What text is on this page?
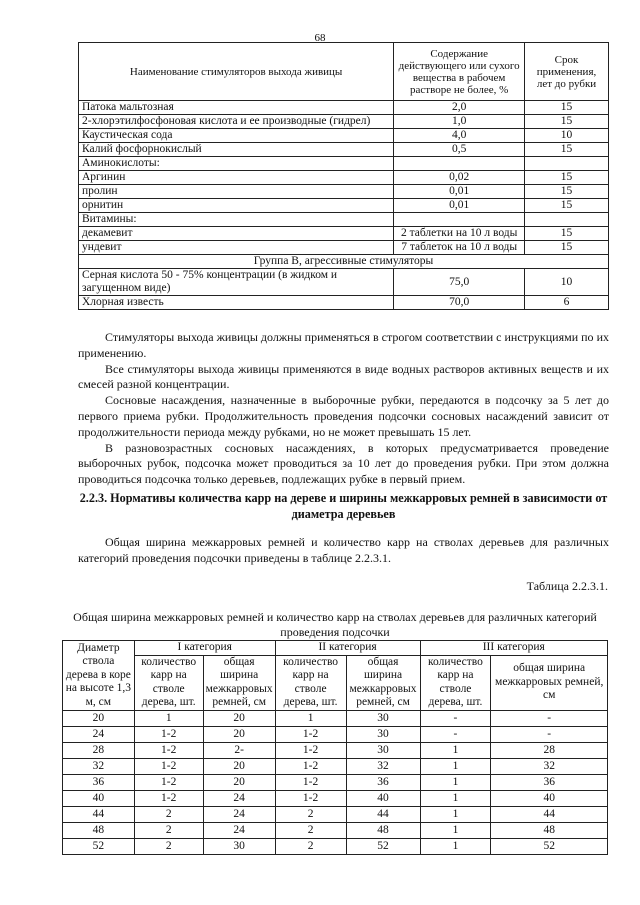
68
Наименование стимуляторов выхода живицы	Содержание действующего или сухого вещества в рабочем растворе не более, %	Срок применения, лет до рубки
Патока мальтозная	2,0	15
2-хлорэтилфосфоновая кислота и ее производные (гидрел)	1,0	15
Каустическая сода	4,0	10
Калий фосфорнокислый	0,5	15
Аминокислоты:		
Аргинин	0,02	15
пролин	0,01	15
орнитин	0,01	15
Витамины:		
декамевит	2 таблетки на 10 л воды	15
ундевит	7 таблеток на 10 л воды	15
Группа В, агрессивные стимуляторы		
Серная кислота 50 - 75% концентрации (в жидком и загущенном виде)	75,0	10
Хлорная известь	70,0	6

Стимуляторы выхода живицы должны применяться в строгом соответствии с инструкциями по их применению.

Все стимуляторы выхода живицы применяются в виде водных растворов активных веществ и их смесей разной концентрации.

Сосновые насаждения, назначенные в выборочные рубки, передаются в подсочку за 5 лет до первого приема рубки. Продолжительность проведения подсочки сосновых насаждений зависит от продолжительности периода между рубками, но не может превышать 15 лет.

В разновозрастных сосновых насаждениях, в которых предусматривается проведение выборочных рубок, подсочка может проводиться за 10 лет до проведения рубки. При этом должна проводиться подсочка только деревьев, подлежащих рубке в первый прием.

2.2.3. Нормативы количества карр на дереве и ширины межкарровых ремней в зависимости от диаметра деревьев

Общая ширина межкарровых ремней и количество карр на стволах деревьев для различных категорий проведения подсочки приведены в таблице 2.2.3.1.

Таблица 2.2.3.1.
Общая ширина межкарровых ремней и количество карр на стволах деревьев для различных категорий проведения подсочки
Диаметр ствола дерева в коре на высоте 1,3 м, см	I категория		II категория		III категория	
	количество карр на стволе дерева, шт.	общая ширина межкарровых ремней, см	количество карр на стволе дерева, шт.	общая ширина межкарровых ремней, см	количество карр на стволе дерева, шт.	общая ширина межкарровых ремней, см
20	1	20	1	30	-	-
24	1-2	20	1-2	30	-	-
28	1-2	2-	1-2	30	1	28
32	1-2	20	1-2	32	1	32
36	1-2	20	1-2	36	1	36
40	1-2	24	1-2	40	1	40
44	2	24	2	44	1	44
48	2	24	2	48	1	48
52	2	30	2	52	1	52
